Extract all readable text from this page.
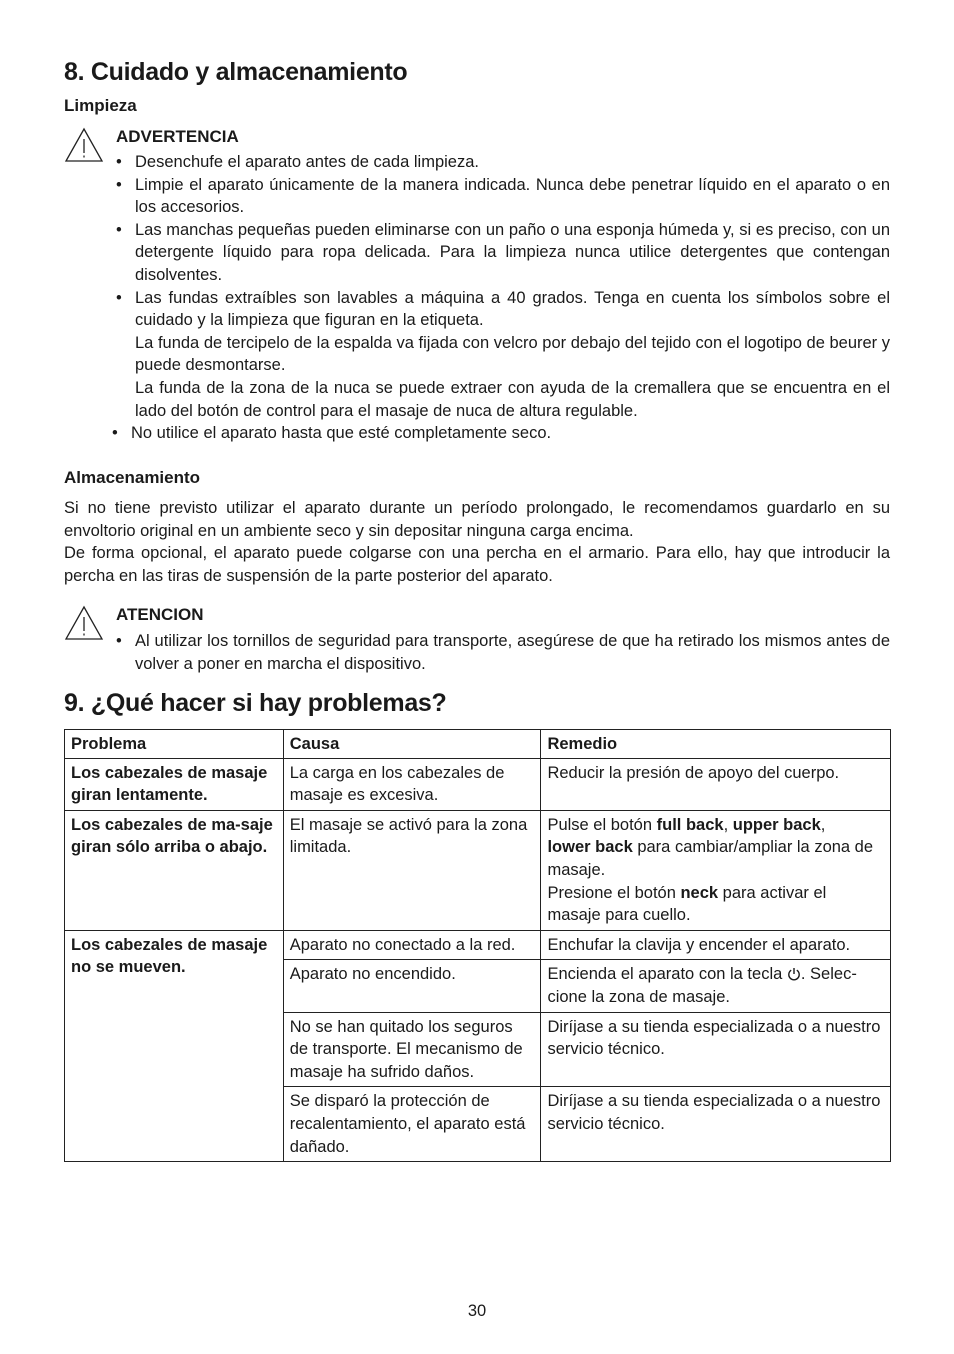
8. Cuidado y almacenamiento
Limpieza
ADVERTENCIA
• Desenchufe el aparato antes de cada limpieza.
• Limpie el aparato únicamente de la manera indicada. Nunca debe penetrar líquido en el aparato o en los accesorios.
• Las manchas pequeñas pueden eliminarse con un paño o una esponja húmeda y, si es preciso, con un detergente líquido para ropa delicada. Para la limpieza nunca utilice detergentes que contengan disolventes.

• Las fundas extraíbles son lavables a máquina a 40 grados. Tenga en cuenta los símbolos sobre el cuidado y la limpieza que figuran en la etiqueta.

La funda de tercipelo de la espalda va fijada con velcro por debajo del tejido con el logotipo de beurer y puede desmontarse.

La funda de la zona de la nuca se puede extraer con ayuda de la cremallera que se encuentra en el lado del botón de control para el masaje de nuca de altura regulable.

• No utilice el aparato hasta que esté completamente seco.
Almacenamiento

Si no tiene previsto utilizar el aparato durante un período prolongado, le recomendamos guardarlo en su envoltorio original en un ambiente seco y sin depositar ninguna carga encima.

De forma opcional, el aparato puede colgarse con una percha en el armario. Para ello, hay que introducir la percha en las tiras de suspensión de la parte posterior del aparato.

ATENCION
• Al utilizar los tornillos de seguridad para transporte, asegúrese de que ha retirado los mismos antes de volver a poner en marcha el dispositivo.
9. ¿Qué hacer si hay problemas?
Problema	Causa	Remedio
Los cabezales de masaje giran lentamente.	La carga en los cabezales de masaje es excesiva.	Reducir la presión de apoyo del cuerpo.
Los cabezales de ma-saje giran sólo arriba o abajo.	El masaje se activó para la zona limitada.	Pulse el botón full back, upper back,
lower back para cambiar/ampliar la zona de masaje.
Presione el botón neck para activar el masaje para cuello.
Los cabezales de masaje no se mueven.	Aparato no conectado a la red.	Enchufar la clavija y encender el aparato.
	Aparato no encendido.	Encienda el aparato con la tecla . Selec-cione la zona de masaje.
	No se han quitado los seguros de transporte. El mecanismo de masaje ha sufrido daños.	Diríjase a su tienda especializada o a nuestro servicio técnico.
	Se disparó la protección de recalentamiento, el aparato está dañado.	Diríjase a su tienda especializada o a nuestro servicio técnico.
30
